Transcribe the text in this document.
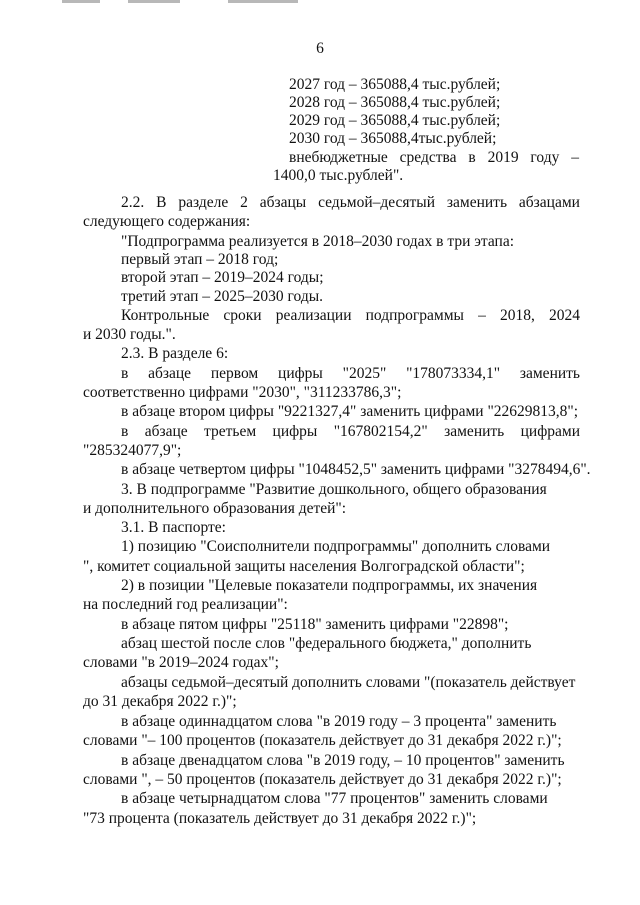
6
2027 год – 365088,4 тыс.рублей;
2028 год – 365088,4 тыс.рублей;
2029 год – 365088,4 тыс.рублей;
2030 год – 365088,4тыс.рублей;
внебюджетные средства в 2019 году –
1400,0 тыс.рублей".
2.2. В разделе 2 абзацы седьмой–десятый заменить абзацами
следующего содержания:
"Подпрограмма реализуется в 2018–2030 годах в три этапа:
первый этап – 2018 год;
второй этап – 2019–2024 годы;
третий этап – 2025–2030 годы.
Контрольные сроки реализации подпрограммы – 2018, 2024
и 2030 годы.".
2.3. В разделе 6:
в абзаце первом цифры "2025" "178073334,1" заменить
соответственно цифрами "2030", "311233786,3";
в абзаце втором цифры "9221327,4" заменить цифрами "22629813,8";
в абзаце третьем цифры "167802154,2" заменить цифрами
"285324077,9";
в абзаце четвертом цифры "1048452,5" заменить цифрами "3278494,6".
3. В подпрограмме "Развитие дошкольного, общего образования
и дополнительного образования детей":
3.1. В паспорте:
1) позицию "Соисполнители подпрограммы" дополнить словами
", комитет социальной защиты населения Волгоградской области";
2) в позиции "Целевые показатели подпрограммы, их значения
на последний год реализации":
в абзаце пятом цифры "25118" заменить цифрами "22898";
абзац шестой после слов "федерального бюджета," дополнить
словами "в 2019–2024 годах";
абзацы седьмой–десятый дополнить словами "(показатель действует
до 31 декабря 2022 г.)";
в абзаце одиннадцатом слова "в 2019 году – 3 процента" заменить
словами "– 100 процентов (показатель действует до 31 декабря 2022 г.)";
в абзаце двенадцатом слова "в 2019 году, – 10 процентов" заменить
словами ", – 50 процентов (показатель действует до 31 декабря 2022 г.)";
в абзаце четырнадцатом слова "77 процентов" заменить словами
"73 процента (показатель действует до 31 декабря 2022 г.)";
